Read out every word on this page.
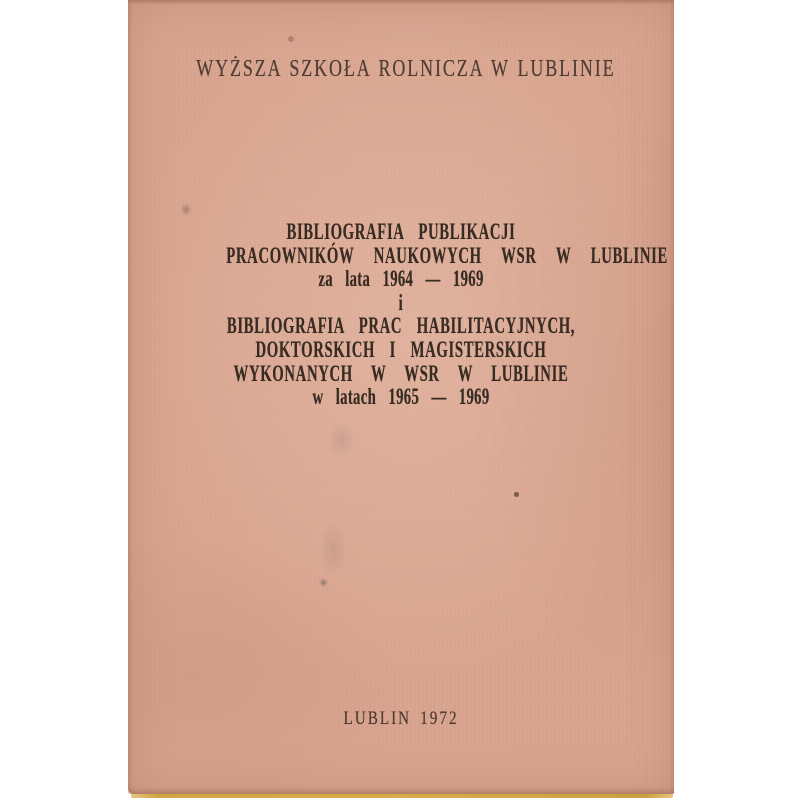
WYŻSZA SZKOŁA ROLNICZA W LUBLINIE
BIBLIOGRAFIA PUBLIKACJI
PRACOWNIKÓW NAUKOWYCH WSR W LUBLINIE
za lata 1964 — 1969
i
BIBLIOGRAFIA PRAC HABILITACYJNYCH,
DOKTORSKICH I MAGISTERSKICH
WYKONANYCH W WSR W LUBLINIE
w latach 1965 — 1969
LUBLIN 1972
